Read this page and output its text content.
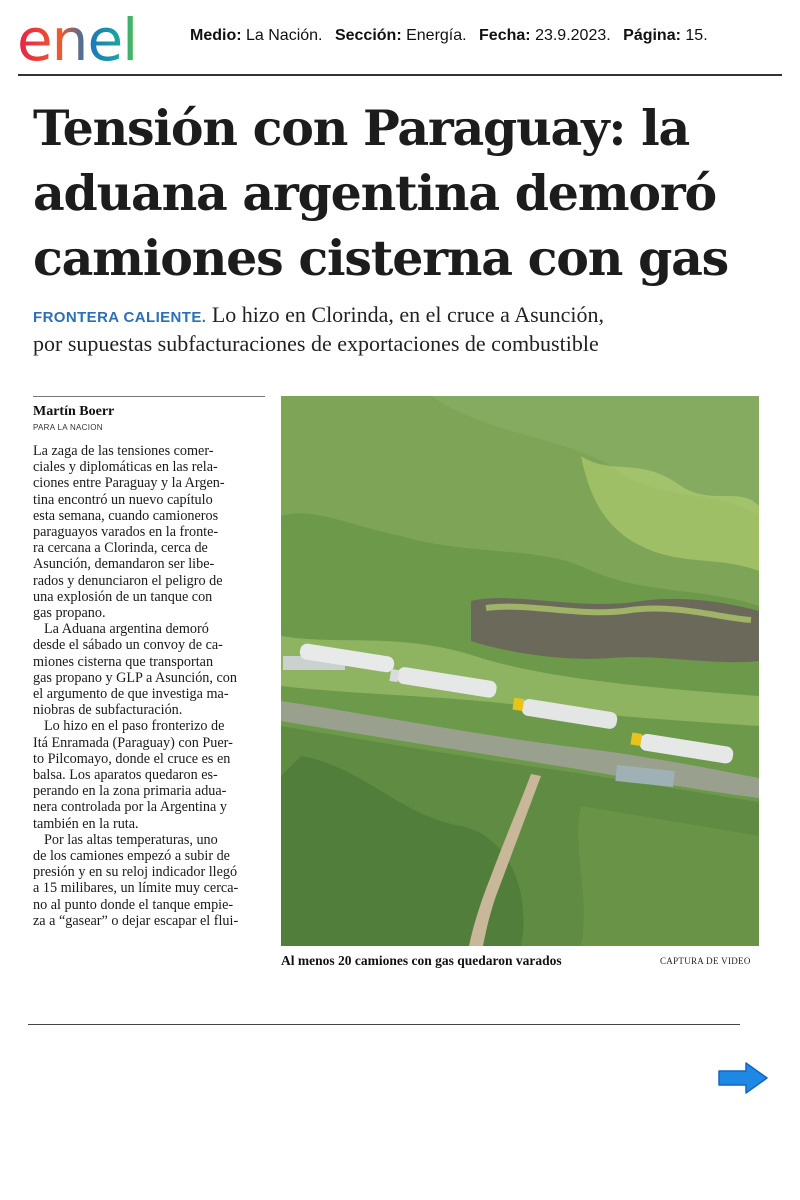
enel	Medio: La Nación. Sección: Energía. Fecha: 23.9.2023. Página: 15.
Tensión con Paraguay: la
aduana argentina demoró
camiones cisterna con gas
FRONTERA CALIENTE. Lo hizo en Clorinda, en el cruce a Asunción,
por supuestas subfacturaciones de exportaciones de combustible
Martín Boerr
PARA LA NACION
La zaga de las tensiones comer-
ciales y diplomáticas en las rela-
ciones entre Paraguay y la Argen-
tina encontró un nuevo capítulo
esta semana, cuando camioneros
paraguayos varados en la fronte-
ra cercana a Clorinda, cerca de
Asunción, demandaron ser libe-
rados y denunciaron el peligro de
una explosión de un tanque con
gas propano.
La Aduana argentina demoró
desde el sábado un convoy de ca-
miones cisterna que transportan
gas propano y GLP a Asunción, con
el argumento de que investiga ma-
niobras de subfacturación.
Lo hizo en el paso fronterizo de
Itá Enramada (Paraguay) con Puer-
to Pilcomayo, donde el cruce es en
balsa. Los aparatos quedaron es-
perando en la zona primaria adua-
nera controlada por la Argentina y
también en la ruta.
Por las altas temperaturas, uno
de los camiones empezó a subir de
presión y en su reloj indicador llegó
a 15 milibares, un límite muy cerca-
no al punto donde el tanque empie-
za a “gasear” o dejar escapar el flui-
Al menos 20 camiones con gas quedaron varados	CAPTURA DE VIDEO
